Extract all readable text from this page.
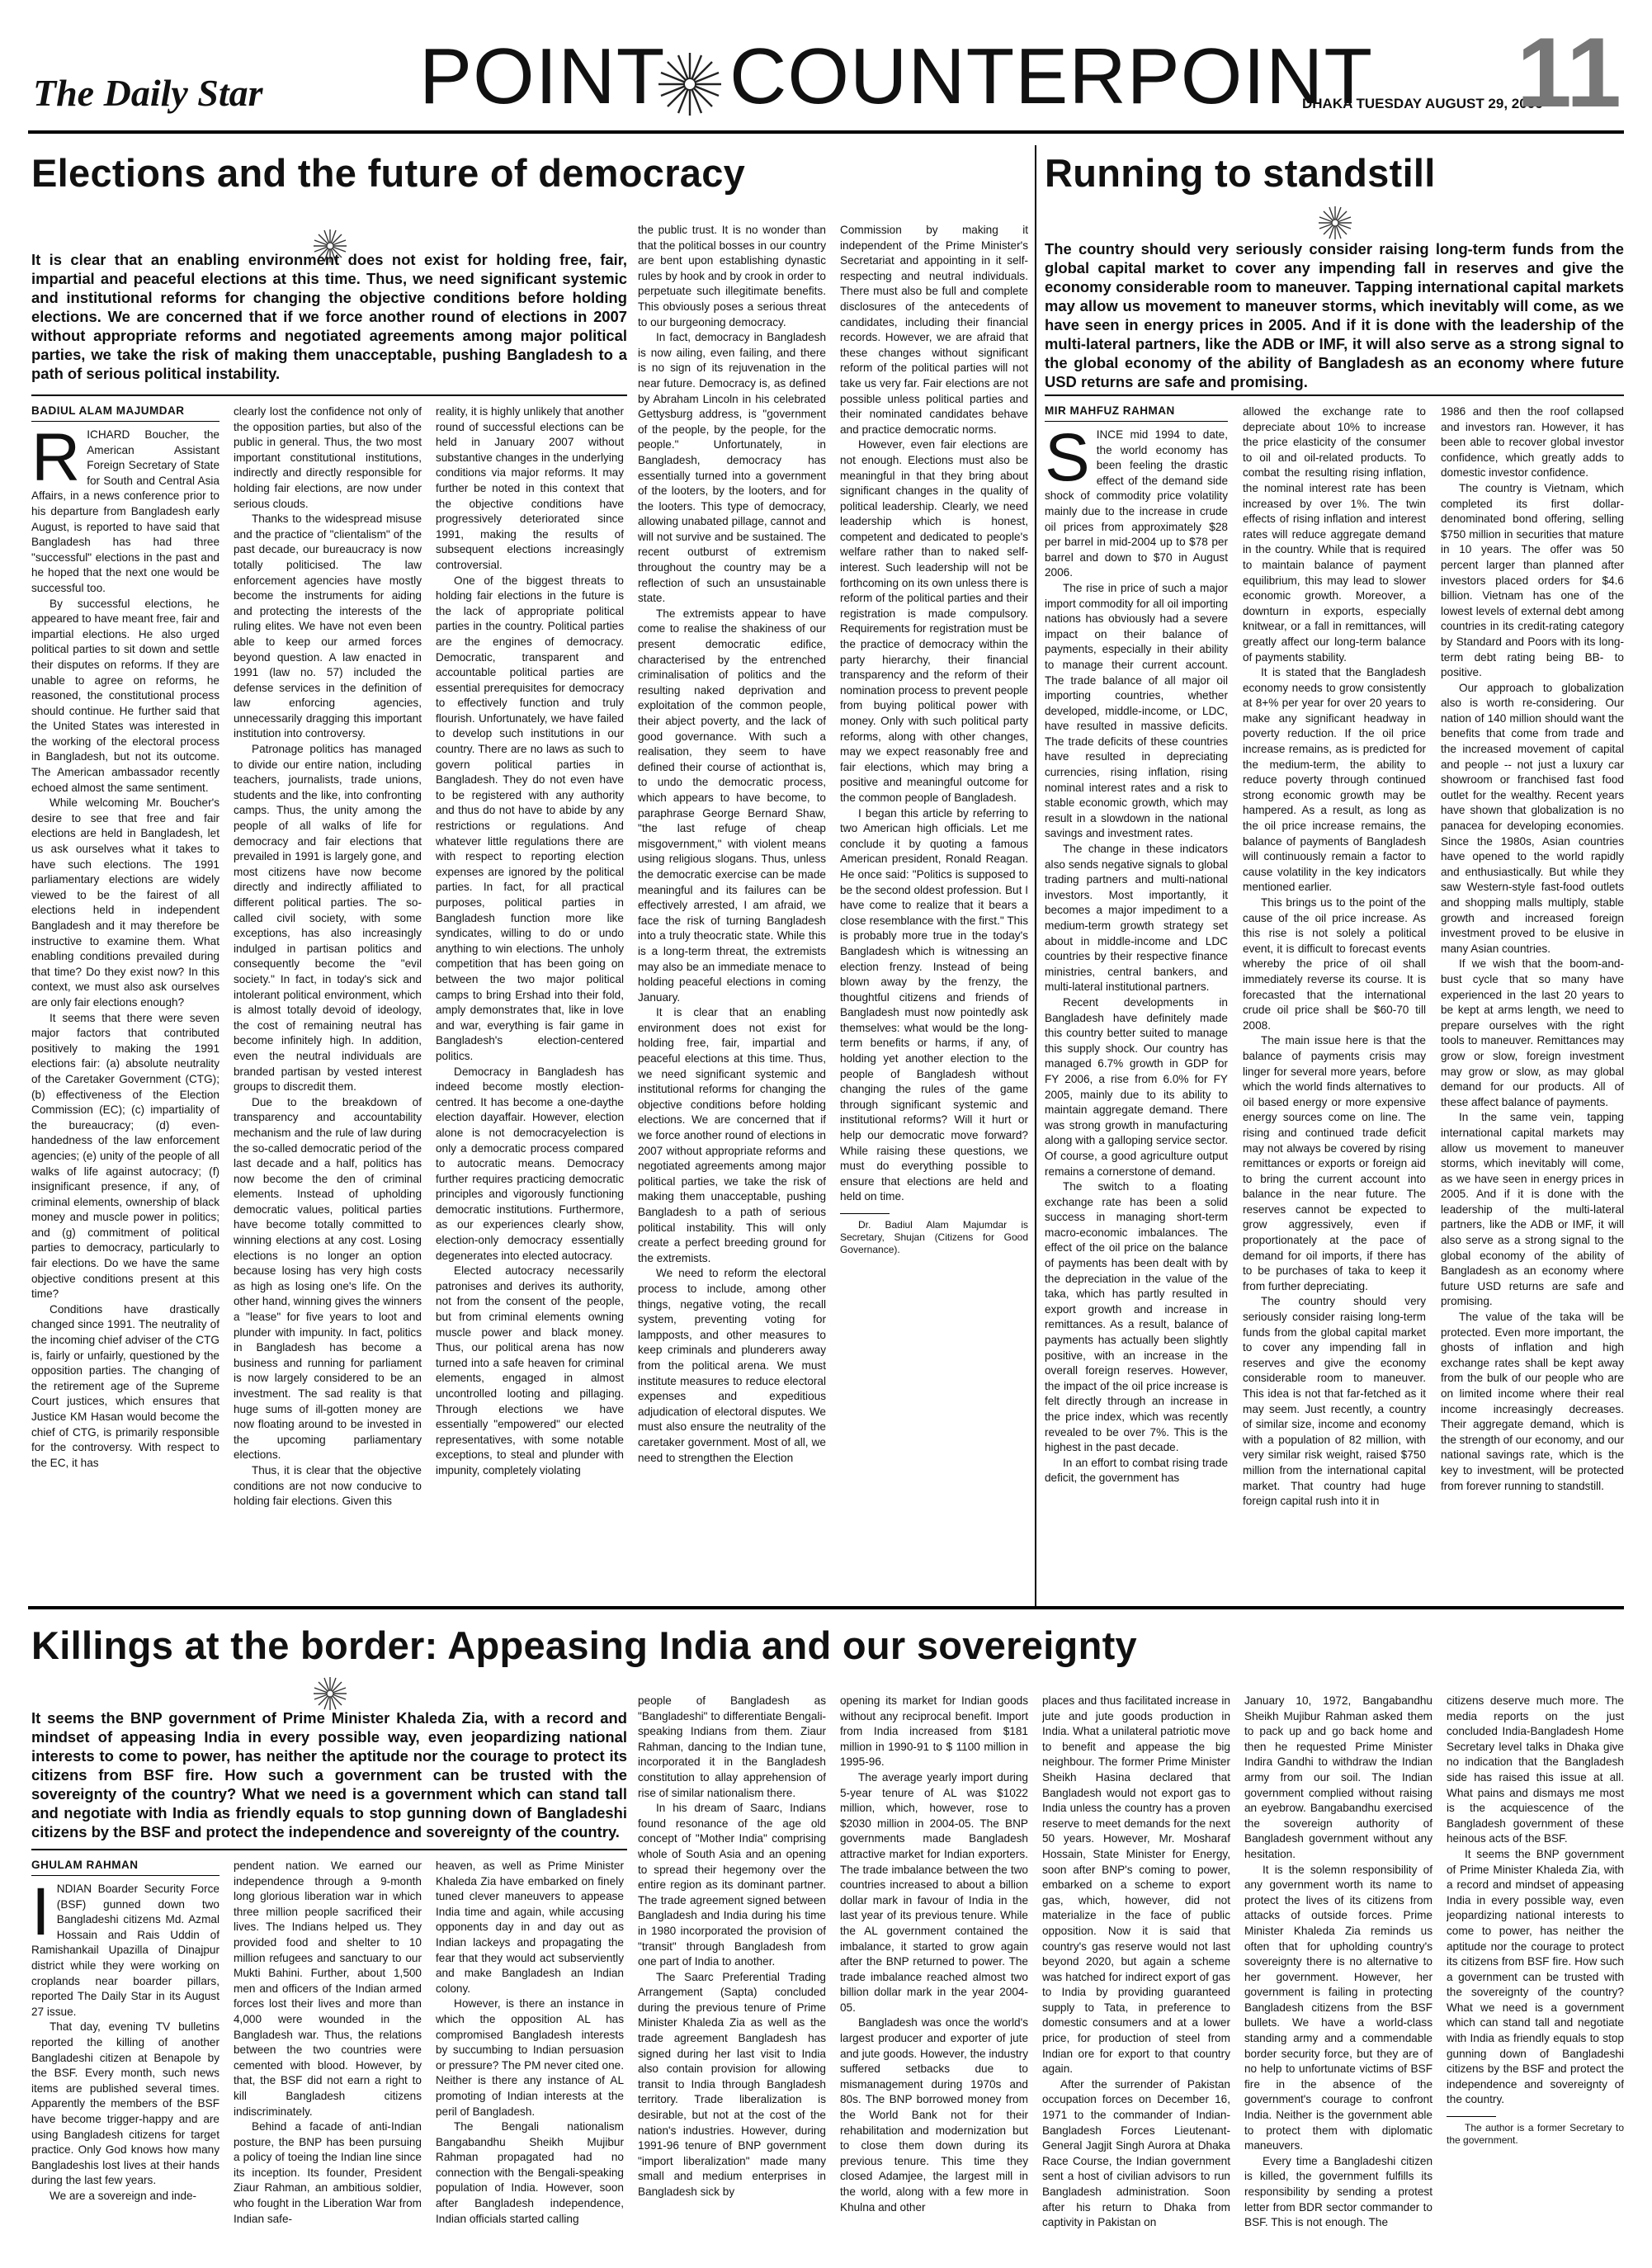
The Daily Star POINT COUNTERPOINT
DHAKA TUESDAY AUGUST 29, 2006
11
Elections and the future of democracy
It is clear that an enabling environment does not exist for holding free, fair, impartial and peaceful elections at this time. Thus, we need significant systemic and institutional reforms for changing the objective conditions before holding elections. We are concerned that if we force another round of elections in 2007 without appropriate reforms and negotiated agreements among major political parties, we take the risk of making them unacceptable, pushing Bangladesh to a path of serious political instability.
BADIUL ALAM MAJUMDAR
R ICHARD Boucher, the American Assistant Foreign Secretary of State for South and Central Asia Affairs, in a news conference prior to his departure from Bangladesh early August, is reported to have said that Bangladesh has had three "successful" elections in the past and he hoped that the next one would be successful too.

By successful elections, he appeared to have meant free, fair and impartial elections. He also urged political parties to sit down and settle their disputes on reforms. If they are unable to agree on reforms, he reasoned, the constitutional process should continue. He further said that the United States was interested in the working of the electoral process in Bangladesh, but not its outcome. The American ambassador recently echoed almost the same sentiment.

While welcoming Mr. Boucher's desire to see that free and fair elections are held in Bangladesh, let us ask ourselves what it takes to have such elections. The 1991 parliamentary elections are widely viewed to be the fairest of all elections held in independent Bangladesh and it may therefore be instructive to examine them. What enabling conditions prevailed during that time? Do they exist now? In this context, we must also ask ourselves are only fair elections enough?

It seems that there were seven major factors that contributed positively to making the 1991 elections fair: (a) absolute neutrality of the Caretaker Government (CTG); (b) effectiveness of the Election Commission (EC); (c) impartiality of the bureaucracy; (d) even-handedness of the law enforcement agencies; (e) unity of the people of all walks of life against autocracy; (f) insignificant presence, if any, of criminal elements, ownership of black money and muscle power in politics; and (g) commitment of political parties to democracy, particularly to fair elections. Do we have the same objective conditions present at this time?

Conditions have drastically changed since 1991. The neutrality of the incoming chief adviser of the CTG is, fairly or unfairly, questioned by the opposition parties. The changing of the retirement age of the Supreme Court justices, which ensures that Justice KM Hasan would become the chief of CTG, is primarily responsible for the controversy. With respect to the EC, it has

clearly lost the confidence not only of the opposition parties, but also of the public in general. Thus, the two most important constitutional institutions, indirectly and directly responsible for holding fair elections, are now under serious clouds.

Thanks to the widespread misuse and the practice of "clientalism" of the past decade, our bureaucracy is now totally politicised. The law enforcement agencies have mostly become the instruments for aiding and protecting the interests of the ruling elites. We have not even been able to keep our armed forces beyond question. A law enacted in 1991 (law no. 57) included the defense services in the definition of law enforcing agencies, unnecessarily dragging this important institution into controversy.

Patronage politics has managed to divide our entire nation, including teachers, journalists, trade unions, students and the like, into confronting camps. Thus, the unity among the people of all walks of life for democracy and fair elections that prevailed in 1991 is largely gone, and most citizens have now become directly and indirectly affiliated to different political parties. The so-called civil society, with some exceptions, has also increasingly indulged in partisan politics and consequently become the "evil society." In fact, in today's sick and intolerant political environment, which is almost totally devoid of ideology, the cost of remaining neutral has become infinitely high. In addition, even the neutral individuals are branded partisan by vested interest groups to discredit them.

Due to the breakdown of transparency and accountability mechanism and the rule of law during the so-called democratic period of the last decade and a half, politics has now become the den of criminal elements. Instead of upholding democratic values, political parties have become totally committed to winning elections at any cost. Losing elections is no longer an option because losing has very high costs as high as losing one's life. On the other hand, winning gives the winners a "lease" for five years to loot and plunder with impunity. In fact, politics in Bangladesh has become a business and running for parliament is now largely considered to be an investment. The sad reality is that huge sums of ill-gotten money are now floating around to be invested in the upcoming parliamentary elections.

Thus, it is clear that the objective conditions are not now conducive to holding fair elections. Given this

reality, it is highly unlikely that another round of successful elections can be held in January 2007 without substantive changes in the underlying conditions via major reforms. It may further be noted in this context that the objective conditions have progressively deteriorated since 1991, making the results of subsequent elections increasingly controversial.

One of the biggest threats to holding fair elections in the future is the lack of appropriate political parties in the country. Political parties are the engines of democracy. Democratic, transparent and accountable political parties are essential prerequisites for democracy to effectively function and truly flourish. Unfortunately, we have failed to develop such institutions in our country. There are no laws as such to govern political parties in Bangladesh. They do not even have to be registered with any authority and thus do not have to abide by any restrictions or regulations. And whatever little regulations there are with respect to reporting election expenses are ignored by the political parties. In fact, for all practical purposes, political parties in Bangladesh function more like syndicates, willing to do or undo anything to win elections. The unholy competition that has been going on between the two major political camps to bring Ershad into their fold, amply demonstrates that, like in love and war, everything is fair game in Bangladesh's election-centered politics.

Democracy in Bangladesh has indeed become mostly election-centred. It has become a one-daythe election dayaffair. However, election alone is not democracyelection is only a democratic process compared to autocratic means. Democracy further requires practicing democratic principles and vigorously functioning democratic institutions. Furthermore, as our experiences clearly show, election-only democracy essentially degenerates into elected autocracy.

Elected autocracy necessarily patronises and derives its authority, not from the consent of the people, but from criminal elements owning muscle power and black money. Thus, our political arena has now turned into a safe heaven for criminal elements, engaged in almost uncontrolled looting and pillaging. Through elections we have essentially "empowered" our elected representatives, with some notable exceptions, to steal and plunder with impunity, completely violating

the public trust. It is no wonder than that the political bosses in our country are bent upon establishing dynastic rules by hook and by crook in order to perpetuate such illegitimate benefits. This obviously poses a serious threat to our burgeoning democracy.

In fact, democracy in Bangladesh is now ailing, even failing, and there is no sign of its rejuvenation in the near future. Democracy is, as defined by Abraham Lincoln in his celebrated Gettysburg address, is "government of the people, by the people, for the people." Unfortunately, in Bangladesh, democracy has essentially turned into a government of the looters, by the looters, and for the looters. This type of democracy, allowing unabated pillage, cannot and will not survive and be sustained. The recent outburst of extremism throughout the country may be a reflection of such an unsustainable state.

The extremists appear to have come to realise the shakiness of our present democratic edifice, characterised by the entrenched criminalisation of politics and the resulting naked deprivation and exploitation of the common people, their abject poverty, and the lack of good governance. With such a realisation, they seem to have defined their course of actionthat is, to undo the democratic process, which appears to have become, to paraphrase George Bernard Shaw, "the last refuge of cheap misgovernment," with violent means using religious slogans. Thus, unless the democratic exercise can be made meaningful and its failures can be effectively arrested, I am afraid, we face the risk of turning Bangladesh into a truly theocratic state. While this is a long-term threat, the extremists may also be an immediate menace to holding peaceful elections in coming January.

It is clear that an enabling environment does not exist for holding free, fair, impartial and peaceful elections at this time. Thus, we need significant systemic and institutional reforms for changing the objective conditions before holding elections. We are concerned that if we force another round of elections in 2007 without appropriate reforms and negotiated agreements among major political parties, we take the risk of making them unacceptable, pushing Bangladesh to a path of serious political instability. This will only create a perfect breeding ground for the extremists.

We need to reform the electoral process to include, among other things, negative voting, the recall system, preventing voting for lampposts, and other measures to keep criminals and plunderers away from the political arena. We must institute measures to reduce electoral expenses and expeditious adjudication of electoral disputes. We must also ensure the neutrality of the caretaker government. Most of all, we need to strengthen the Election

Commission by making it independent of the Prime Minister's Secretariat and appointing in it self-respecting and neutral individuals. There must also be full and complete disclosures of the antecedents of candidates, including their financial records. However, we are afraid that these changes without significant reform of the political parties will not take us very far. Fair elections are not possible unless political parties and their nominated candidates behave and practice democratic norms.

However, even fair elections are not enough. Elections must also be meaningful in that they bring about significant changes in the quality of political leadership. Clearly, we need leadership which is honest, competent and dedicated to people's welfare rather than to naked self-interest. Such leadership will not be forthcoming on its own unless there is reform of the political parties and their registration is made compulsory. Requirements for registration must be the practice of democracy within the party hierarchy, their financial transparency and the reform of their nomination process to prevent people from buying political power with money. Only with such political party reforms, along with other changes, may we expect reasonably free and fair elections, which may bring a positive and meaningful outcome for the common people of Bangladesh.

I began this article by referring to two American high officials. Let me conclude it by quoting a famous American president, Ronald Reagan. He once said: "Politics is supposed to be the second oldest profession. But I have come to realize that it bears a close resemblance with the first." This is probably more true in the today's Bangladesh which is witnessing an election frenzy. Instead of being blown away by the frenzy, the thoughtful citizens and friends of Bangladesh must now pointedly ask themselves: what would be the long-term benefits or harms, if any, of holding yet another election to the people of Bangladesh without changing the rules of the game through significant systemic and institutional reforms? Will it hurt or help our democratic move forward? While raising these questions, we must do everything possible to ensure that elections are held and held on time.

Dr. Badiul Alam Majumdar is Secretary, Shujan (Citizens for Good Governance).

Running to standstill
The country should very seriously consider raising long-term funds from the global capital market to cover any impending fall in reserves and give the economy considerable room to maneuver. Tapping international capital markets may allow us movement to maneuver storms, which inevitably will come, as we have seen in energy prices in 2005. And if it is done with the leadership of the multi-lateral partners, like the ADB or IMF, it will also serve as a strong signal to the global economy of the ability of Bangladesh as an economy where future USD returns are safe and promising.
MIR MAHFUZ RAHMAN
S INCE mid 1994 to date, the world economy has been feeling the drastic effect of the demand side shock of commodity price volatility mainly due to the increase in crude oil prices from approximately $28 per barrel in mid-2004 up to $78 per barrel and down to $70 in August 2006.

The rise in price of such a major import commodity for all oil importing nations has obviously had a severe impact on their balance of payments, especially in their ability to manage their current account. The trade balance of all major oil importing countries, whether developed, middle-income, or LDC, have resulted in massive deficits. The trade deficits of these countries have resulted in depreciating currencies, rising inflation, rising nominal interest rates and a risk to stable economic growth, which may result in a slowdown in the national savings and investment rates.

The change in these indicators also sends negative signals to global trading partners and multi-national investors. Most importantly, it becomes a major impediment to a medium-term growth strategy set about in middle-income and LDC countries by their respective finance ministries, central bankers, and multi-lateral institutional partners.

Recent developments in Bangladesh have definitely made this country better suited to manage this supply shock. Our country has managed 6.7% growth in GDP for FY 2006, a rise from 6.0% for FY 2005, mainly due to its ability to maintain aggregate demand. There was strong growth in manufacturing along with a galloping service sector. Of course, a good agriculture output remains a cornerstone of demand.

The switch to a floating exchange rate has been a solid success in managing short-term macro-economic imbalances. The effect of the oil price on the balance of payments has been dealt with by the depreciation in the value of the taka, which has partly resulted in export growth and increase in remittances. As a result, balance of payments has actually been slightly positive, with an increase in the overall foreign reserves. However, the impact of the oil price increase is felt directly through an increase in the price index, which was recently revealed to be over 7%. This is the highest in the past decade.

In an effort to combat rising trade deficit, the government has

allowed the exchange rate to depreciate about 10% to increase the price elasticity of the consumer to oil and oil-related products. To combat the resulting rising inflation, the nominal interest rate has been increased by over 1%. The twin effects of rising inflation and interest rates will reduce aggregate demand in the country. While that is required to maintain balance of payment equilibrium, this may lead to slower economic growth. Moreover, a downturn in exports, especially knitwear, or a fall in remittances, will greatly affect our long-term balance of payments stability.

It is stated that the Bangladesh economy needs to grow consistently at 8+% per year for over 20 years to make any significant headway in poverty reduction. If the oil price increase remains, as is predicted for the medium-term, the ability to reduce poverty through continued strong economic growth may be hampered. As a result, as long as the oil price increase remains, the balance of payments of Bangladesh will continuously remain a factor to cause volatility in the key indicators mentioned earlier.

This brings us to the point of the cause of the oil price increase. As this rise is not solely a political event, it is difficult to forecast events whereby the price of oil shall immediately reverse its course. It is forecasted that the international crude oil price shall be $60-70 till 2008.

The main issue here is that the balance of payments crisis may linger for several more years, before which the world finds alternatives to oil based energy or more expensive energy sources come on line. The rising and continued trade deficit may not always be covered by rising remittances or exports or foreign aid to bring the current account into balance in the near future. The reserves cannot be expected to grow aggressively, even if proportionately at the pace of demand for oil imports, if there has to be purchases of taka to keep it from further depreciating.

The country should very seriously consider raising long-term funds from the global capital market to cover any impending fall in reserves and give the economy considerable room to maneuver. This idea is not that far-fetched as it may seem. Just recently, a country of similar size, income and economy with a population of 82 million, with very similar risk weight, raised $750 million from the international capital market. That country had huge foreign capital rush into it in

1986 and then the roof collapsed and investors ran. However, it has been able to recover global investor confidence, which greatly adds to domestic investor confidence.

The country is Vietnam, which completed its first dollar-denominated bond offering, selling $750 million in securities that mature in 10 years. The offer was 50 percent larger than planned after investors placed orders for $4.6 billion. Vietnam has one of the lowest levels of external debt among countries in its credit-rating category by Standard and Poors with its long-term debt rating being BB- to positive.

Our approach to globalization also is worth re-considering. Our nation of 140 million should want the benefits that come from trade and the increased movement of capital and people -- not just a luxury car showroom or franchised fast food outlet for the wealthy. Recent years have shown that globalization is no panacea for developing economies. Since the 1980s, Asian countries have opened to the world rapidly and enthusiastically. But while they saw Western-style fast-food outlets and shopping malls multiply, stable growth and increased foreign investment proved to be elusive in many Asian countries.

If we wish that the boom-and-bust cycle that so many have experienced in the last 20 years to be kept at arms length, we need to prepare ourselves with the right tools to maneuver. Remittances may grow or slow, foreign investment may grow or slow, as may global demand for our products. All of these affect balance of payments.

In the same vein, tapping international capital markets may allow us movement to maneuver storms, which inevitably will come, as we have seen in energy prices in 2005. And if it is done with the leadership of the multi-lateral partners, like the ADB or IMF, it will also serve as a strong signal to the global economy of the ability of Bangladesh as an economy where future USD returns are safe and promising.

The value of the taka will be protected. Even more important, the ghosts of inflation and high exchange rates shall be kept away from the bulk of our people who are on limited income where their real income increasingly decreases. Their aggregate demand, which is the strength of our economy, and our national savings rate, which is the key to investment, will be protected from forever running to standstill.

Killings at the border: Appeasing India and our sovereignty
It seems the BNP government of Prime Minister Khaleda Zia, with a record and mindset of appeasing India in every possible way, even jeopardizing national interests to come to power, has neither the aptitude nor the courage to protect its citizens from BSF fire. How such a government can be trusted with the sovereignty of the country? What we need is a government which can stand tall and negotiate with India as friendly equals to stop gunning down of Bangladeshi citizens by the BSF and protect the independence and sovereignty of the country.
GHULAM RAHMAN
I NDIAN Boarder Security Force (BSF) gunned down two Bangladeshi citizens Md. Azmal Hossain and Rais Uddin of Ramishankail Upazilla of Dinajpur district while they were working on croplands near boarder pillars, reported The Daily Star in its August 27 issue.

That day, evening TV bulletins reported the killing of another Bangladeshi citizen at Benapole by the BSF. Every month, such news items are published several times. Apparently the members of the BSF have become trigger-happy and are using Bangladesh citizens for target practice. Only God knows how many Bangladeshis lost lives at their hands during the last few years.

We are a sovereign and inde-

pendent nation. We earned our independence through a 9-month long glorious liberation war in which three million people sacrificed their lives. The Indians helped us. They provided food and shelter to 10 million refugees and sanctuary to our Mukti Bahini. Further, about 1,500 men and officers of the Indian armed forces lost their lives and more than 4,000 were wounded in the Bangladesh war. Thus, the relations between the two countries were cemented with blood. However, by that, the BSF did not earn a right to kill Bangladesh citizens indiscriminately.

Behind a facade of anti-Indian posture, the BNP has been pursuing a policy of toeing the Indian line since its inception. Its founder, President Ziaur Rahman, an ambitious soldier, who fought in the Liberation War from Indian safe-

heaven, as well as Prime Minister Khaleda Zia have embarked on finely tuned clever maneuvers to appease India time and again, while accusing opponents day in and day out as Indian lackeys and propagating the fear that they would act subserviently and make Bangladesh an Indian colony.

However, is there an instance in which the opposition AL has compromised Bangladesh interests by succumbing to Indian persuasion or pressure? The PM never cited one. Neither is there any instance of AL promoting of Indian interests at the peril of Bangladesh.

The Bengali nationalism Bangabandhu Sheikh Mujibur Rahman propagated had no connection with the Bengali-speaking population of India. However, soon after Bangladesh independence, Indian officials started calling

people of Bangladesh as "Bangladeshi" to differentiate Bengali-speaking Indians from them. Ziaur Rahman, dancing to the Indian tune, incorporated it in the Bangladesh constitution to allay apprehension of rise of similar nationalism there.

In his dream of Saarc, Indians found resonance of the age old concept of "Mother India" comprising whole of South Asia and an opening to spread their hegemony over the entire region as its dominant partner. The trade agreement signed between Bangladesh and India during his time in 1980 incorporated the provision of "transit" through Bangladesh from one part of India to another.

The Saarc Preferential Trading Arrangement (Sapta) concluded during the previous tenure of Prime Minister Khaleda Zia as well as the trade agreement Bangladesh has signed during her last visit to India also contain provision for allowing transit to India through Bangladesh territory. Trade liberalization is desirable, but not at the cost of the nation's industries. However, during 1991-96 tenure of BNP government "import liberalization" made many small and medium enterprises in Bangladesh sick by

opening its market for Indian goods without any reciprocal benefit. Import from India increased from $181 million in 1990-91 to $ 1100 million in 1995-96.

The average yearly import during 5-year tenure of AL was $1022 million, which, however, rose to $2030 million in 2004-05. The BNP governments made Bangladesh attractive market for Indian exporters. The trade imbalance between the two countries increased to about a billion dollar mark in favour of India in the last year of its previous tenure. While the AL government contained the imbalance, it started to grow again after the BNP returned to power. The trade imbalance reached almost two billion dollar mark in the year 2004-05.

Bangladesh was once the world's largest producer and exporter of jute and jute goods. However, the industry suffered setbacks due to mismanagement during 1970s and 80s. The BNP borrowed money from the World Bank not for their rehabilitation and modernization but to close them down during its previous tenure. This time they closed Adamjee, the largest mill in the world, along with a few more in Khulna and other

places and thus facilitated increase in jute and jute goods production in India. What a unilateral patriotic move to benefit and appease the big neighbour. The former Prime Minister Sheikh Hasina declared that Bangladesh would not export gas to India unless the country has a proven reserve to meet demands for the next 50 years. However, Mr. Mosharaf Hossain, State Minister for Energy, soon after BNP's coming to power, embarked on a scheme to export gas, which, however, did not materialize in the face of public opposition. Now it is said that country's gas reserve would not last beyond 2020, but again a scheme was hatched for indirect export of gas to India by providing guaranteed supply to Tata, in preference to domestic consumers and at a lower price, for production of steel from Indian ore for export to that country again.

After the surrender of Pakistan occupation forces on December 16, 1971 to the commander of Indian-Bangladesh Forces Lieutenant-General Jagjit Singh Aurora at Dhaka Race Course, the Indian government sent a host of civilian advisors to run Bangladesh administration. Soon after his return to Dhaka from captivity in Pakistan on

January 10, 1972, Bangabandhu Sheikh Mujibur Rahman asked them to pack up and go back home and then he requested Prime Minister Indira Gandhi to withdraw the Indian army from our soil. The Indian government complied without raising an eyebrow. Bangabandhu exercised the sovereign authority of Bangladesh government without any hesitation.

It is the solemn responsibility of any government worth its name to protect the lives of its citizens from attacks of outside forces. Prime Minister Khaleda Zia reminds us often that for upholding country's sovereignty there is no alternative to her government. However, her government is failing in protecting Bangladesh citizens from the BSF bullets. We have a world-class standing army and a commendable border security force, but they are of no help to unfortunate victims of BSF fire in the absence of the government's courage to confront India. Neither is the government able to protect them with diplomatic maneuvers.

Every time a Bangladeshi citizen is killed, the government fulfills its responsibility by sending a protest letter from BDR sector commander to BSF. This is not enough. The

citizens deserve much more. The media reports on the just concluded India-Bangladesh Home Secretary level talks in Dhaka give no indication that the Bangladesh side has raised this issue at all. What pains and dismays me most is the acquiescence of the Bangladesh government of these heinous acts of the BSF.

It seems the BNP government of Prime Minister Khaleda Zia, with a record and mindset of appeasing India in every possible way, even jeopardizing national interests to come to power, has neither the aptitude nor the courage to protect its citizens from BSF fire. How such a government can be trusted with the sovereignty of the country? What we need is a government which can stand tall and negotiate with India as friendly equals to stop gunning down of Bangladeshi citizens by the BSF and protect the independence and sovereignty of the country.

The author is a former Secretary to the government.
